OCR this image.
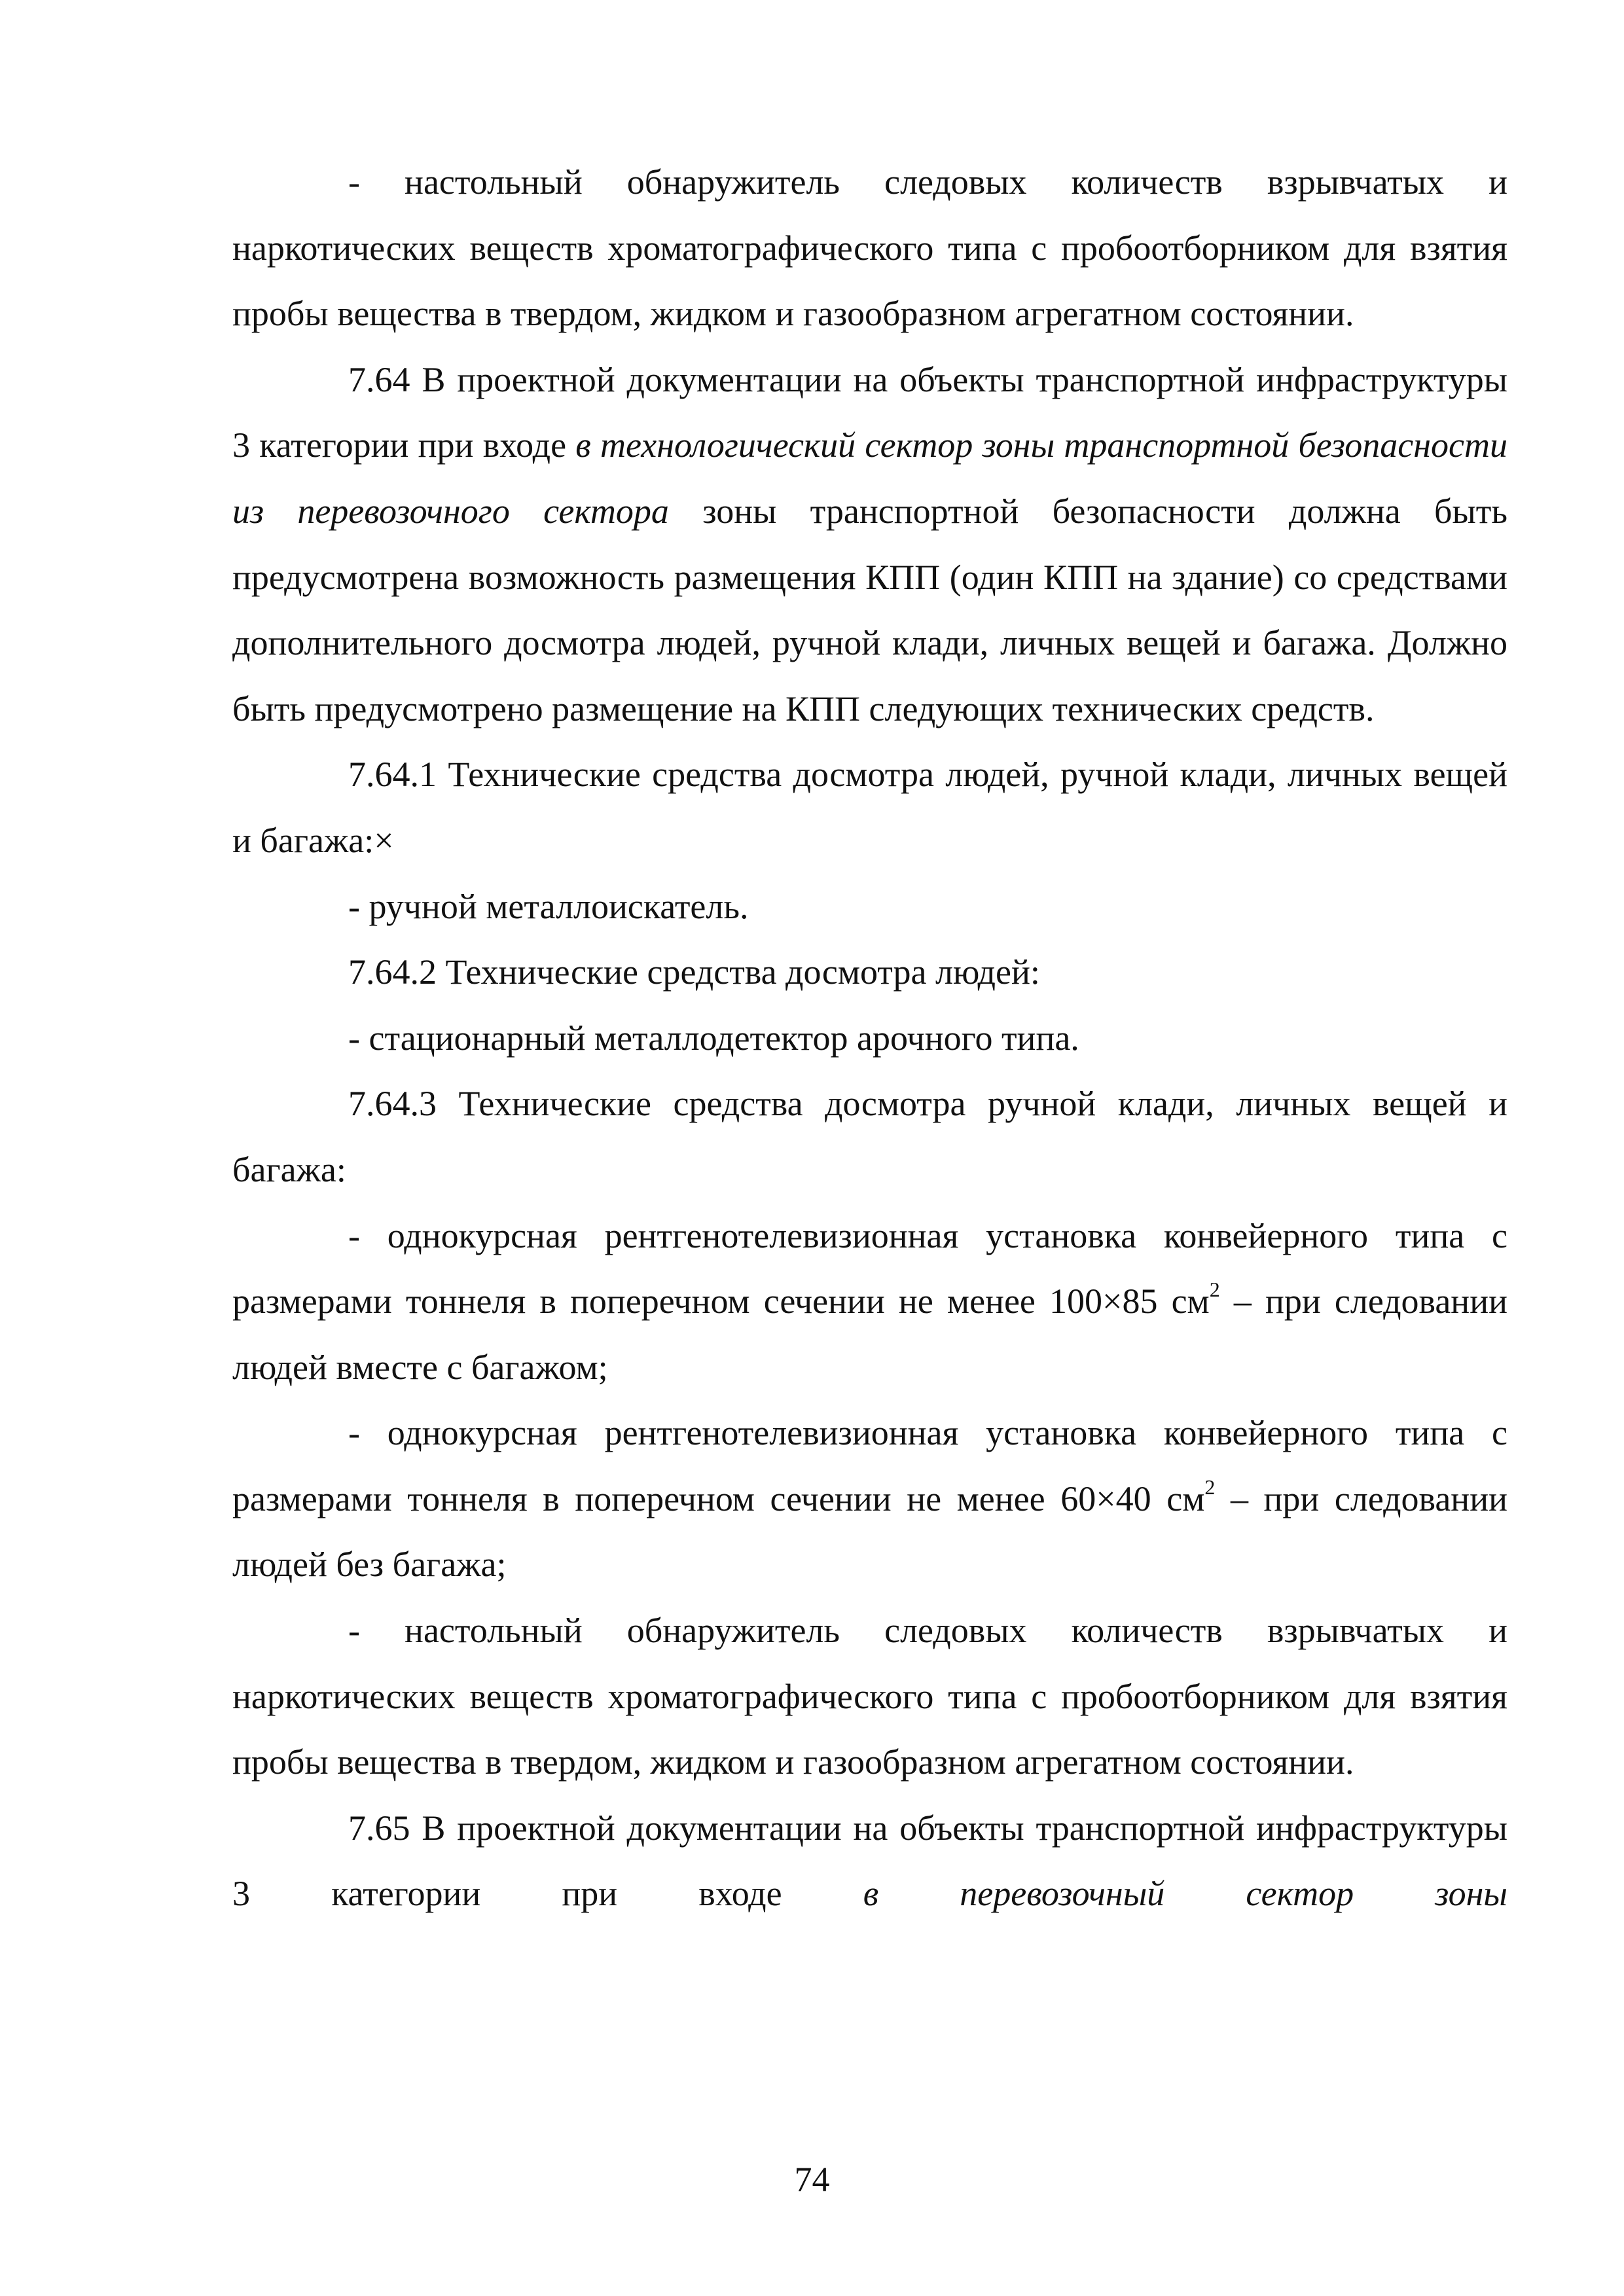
- настольный обнаружитель следовых количеств взрывчатых и наркотических веществ хроматографического типа с пробоотборником для взятия пробы вещества в твердом, жидком и газообразном агрегатном состоянии.

7.64 В проектной документации на объекты транспортной инфраструктуры 3 категории при входе в технологический сектор зоны транспортной безопасности из перевозочного сектора зоны транспортной безопасности должна быть предусмотрена возможность размещения КПП (один КПП на здание) со средствами дополнительного досмотра людей, ручной клади, личных вещей и багажа. Должно быть предусмотрено размещение на КПП следующих технических средств.

7.64.1 Технические средства досмотра людей, ручной клади, личных вещей и багажа:×

- ручной металлоискатель.

7.64.2 Технические средства досмотра людей:

- стационарный металлодетектор арочного типа.

7.64.3 Технические средства досмотра ручной клади, личных вещей и багажа:

- однокурсная рентгенотелевизионная установка конвейерного типа с размерами тоннеля в поперечном сечении не менее 100×85 $см^2$ – при следовании людей вместе с багажом;

- однокурсная рентгенотелевизионная установка конвейерного типа с размерами тоннеля в поперечном сечении не менее 60×40 $см^2$ – при следовании людей без багажа;

- настольный обнаружитель следовых количеств взрывчатых и наркотических веществ хроматографического типа с пробоотборником для взятия пробы вещества в твердом, жидком и газообразном агрегатном состоянии.

7.65 В проектной документации на объекты транспортной инфраструктуры 3 категории при входе в перевозочный сектор зоны

74
